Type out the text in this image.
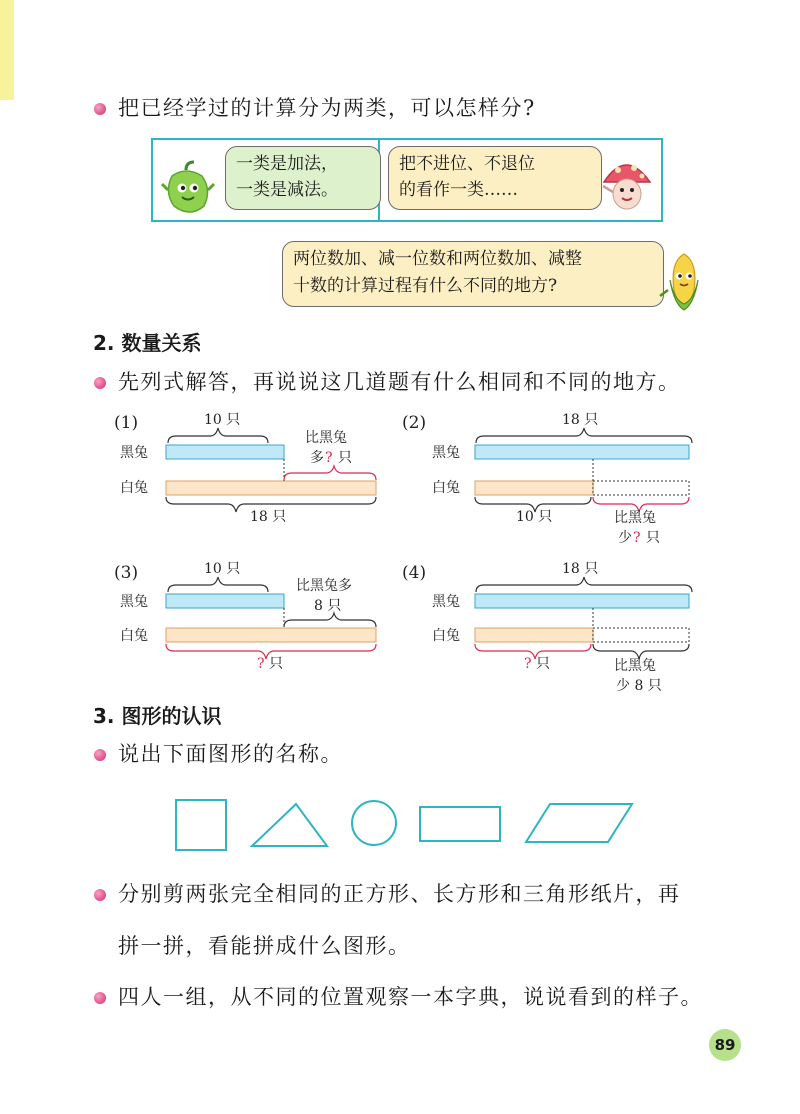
把已经学过的计算分为两类，可以怎样分?
一类是加法，
一类是减法。
把不进位、不退位
的看作一类……
两位数加、减一位数和两位数加、减整
十数的计算过程有什么不同的地方?
2. 数量关系
先列式解答，再说说这几道题有什么相同和不同的地方。
(1)
黑兔
白兔
10 只
比黑兔
多 ? 只
18 只
(2)
黑兔
白兔
18 只
10 只	比黑兔
少 ? 只
(3)
黑兔
白兔
10 只
比黑兔多
8 只
? 只
(4)
黑兔
白兔
18 只
? 只	比黑兔
少 8 只
3. 图形的认识
说出下面图形的名称。
分别剪两张完全相同的正方形、长方形和三角形纸片，再
拼一拼，看能拼成什么图形。
四人一组，从不同的位置观察一本字典，说说看到的样子。
89
